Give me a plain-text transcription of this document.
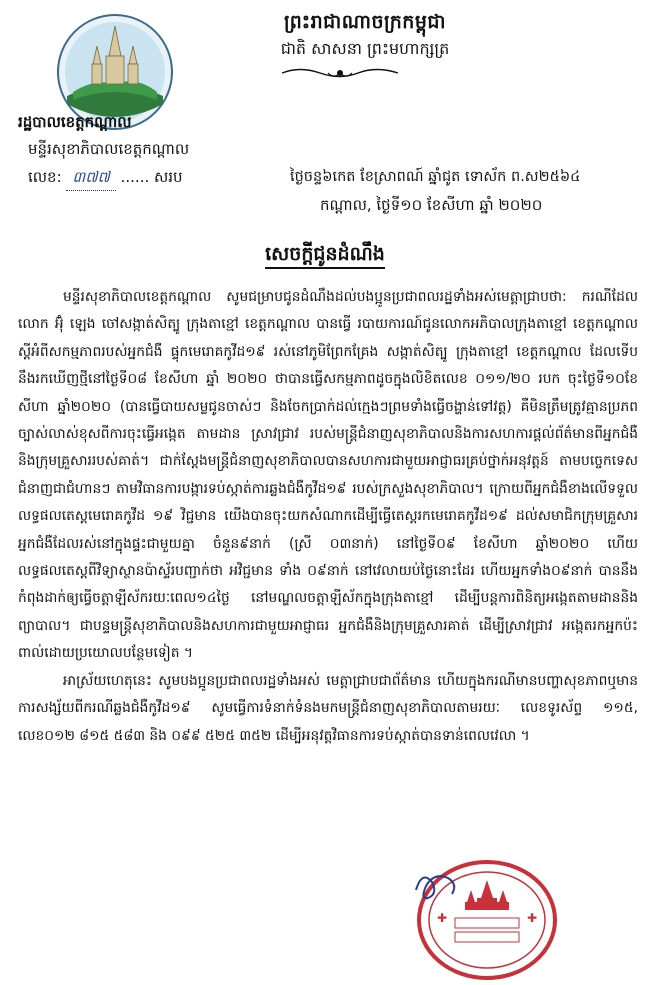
ព្រះរាជាណាចក្រកម្ពុជា
ជាតិ សាសនា ព្រះមហាក្សត្រ
រដ្ឋបាលខេត្តកណ្តាល
មន្ទីរសុខាភិបាលខេត្តកណ្តាល
លេខ: ៣៧៧ ...... សរប	ថ្ងៃចន្ទ៦កេត ខែស្រាពណ៍ ឆ្នាំជូត ទោស័ក ព.ស២៥៦៤
កណ្តាល, ថ្ងៃទី១០ ខែសីហា ឆ្នាំ ២០២០
សេចក្តីជូនដំណឹង

មន្ទីរសុខាភិបាលខេត្តកណ្តាល សូមជម្រាបជូនដំណឹងដល់បងប្អូនប្រជាពលរដ្ឋទាំងអស់មេត្តាជ្រាបថា: ករណីដែល លោក អ៊ុំ ឡេង ចៅសង្កាត់សិត្បូ ក្រុងតាខ្មៅ ខេត្តកណ្តាល បានធ្វើ របាយការណ៍ជូនលោកអភិបាលក្រុងតាខ្មៅ ខេត្តកណ្តាល ស្តីអំពីសកម្មភាពរបស់អ្នកជំងឺ ផ្ទុកមេរោគកូវីដ១៩ រស់នៅភូមិព្រែកគ្រែង សង្កាត់សិត្បូ ក្រុងតាខ្មៅ ខេត្តកណ្តាល ដែលទើបនឹងរកឃើញថ្មីនៅថ្ងៃទី០៨ ខែសីហា ឆ្នាំ ២០២០ ថាបានធ្វើសកម្មភាពដូចក្នុងលិខិតលេខ ០១១/២០ របក ចុះថ្ងៃទី១០ខែសីហា ឆ្នាំ២០២០ (បានធ្វើបាយសម្លជូនចាស់ៗ និងចែកប្រាក់ដល់ក្មេងៗព្រមទាំងធ្វើចង្ហាន់ទៅវត្ត) គឺមិនត្រឹមត្រូវគ្មានប្រភពច្បាស់លាស់ខុសពីការចុះធ្វើអង្កេត តាមដាន ស្រាវជ្រាវ របស់មន្ត្រីជំនាញសុខាភិបាលនិងការសហការផ្តល់ព័ត៌មានពីអ្នកជំងឺ និងក្រុមគ្រួសាររបស់គាត់។ ជាក់ស្តែងមន្ត្រីជំនាញសុខាភិបាលបានសហការជាមួយអាជ្ញាធរគ្រប់ថ្នាក់អនុវត្តន៍ តាមបច្ចេកទេសជំនាញជាជំហានៗ តាមវិធានការបង្ការទប់ស្កាត់ការឆ្លងជំងឺកូវីដ១៩ របស់ក្រសួងសុខាភិបាល។ ក្រោយពីអ្នកជំងឺខាងលើទទួលលទ្ធផលតេស្តមេរោគកូវីដ ១៩ វិជ្ជមាន យើងបានចុះយកសំណាកដើម្បីធ្វើតេស្តរកមេរោគកូវីដ១៩ ដល់សមាជិកក្រុមគ្រួសារអ្នកជំងឺដែលរស់នៅក្នុងផ្ទះជាមួយគ្នា ចំនួន៩នាក់ (ស្រី ០៣នាក់) នៅថ្ងៃទី០៩ ខែសីហា ឆ្នាំ២០២០ ហើយលទ្ធផលតេស្តពីវិទ្យាស្ថានប៉ាស្ទ័របញ្ជាក់ថា អវិជ្ជមាន ទាំង ០៩នាក់ នៅវេលាយប់ថ្ងៃនោះដែរ ហើយអ្នកទាំង០៩នាក់ បាននឹងកំពុងដាក់ឲ្យធ្វើចត្តាឡីស័ករយៈពេល១៤ថ្ងៃ នៅមណ្ឌលចត្តាឡីស័កក្នុងក្រុងតាខ្មៅ ដើម្បីបន្តការពិនិត្យអង្កេតតាមដាននិងព្យាបាល។ ជាបន្ទមន្ត្រីសុខាភិបាលនិងសហការជាមួយអាជ្ញាធរ អ្នកជំងឺនិងក្រុមគ្រួសារគាត់ ដើម្បីស្រាវជ្រាវ អង្កេតរកអ្នកប៉ះពាល់ដោយប្រយោលបន្ថែមទៀត ។

អាស្រ័យហេតុនេះ សូមបងប្អូនប្រជាពលរដ្ឋទាំងអស់ មេត្តាជ្រាបជាព័ត៌មាន ហើយក្នុងករណីមានបញ្ហាសុខភាពឬមានការសង្ស័យពីករណីឆ្លងជំងឺកូវីដ១៩ សូមធ្វើការទំនាក់ទំនងមកមន្ត្រីជំនាញសុខាភិបាលតាមរយៈ លេខទូរស័ព្ទ ១១៥, លេខ០១២ ៨១៥ ៥៨៣ និង ០៩៩ ៥២៥ ៣៥២ ដើម្បីអនុវត្តវិធានការទប់ស្កាត់បានទាន់ពេលវេលា ។

✚	✚
